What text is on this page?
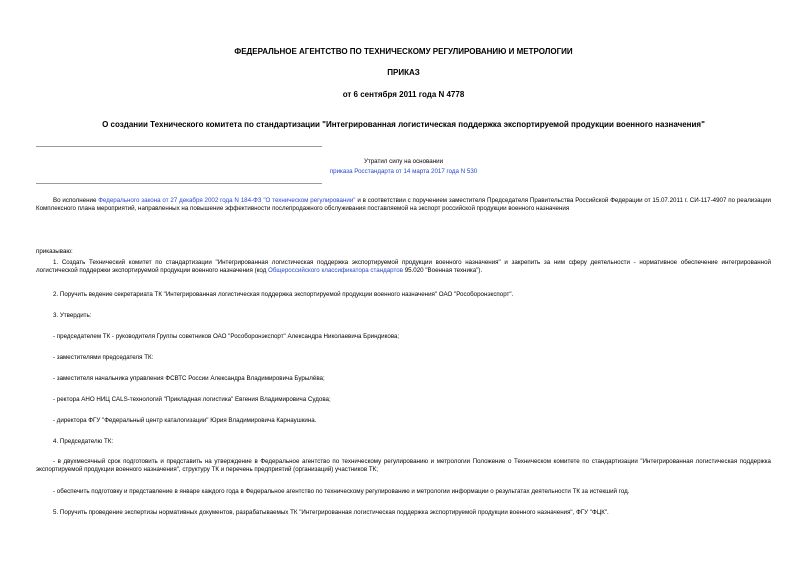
ФЕДЕРАЛЬНОЕ АГЕНТСТВО ПО ТЕХНИЧЕСКОМУ РЕГУЛИРОВАНИЮ И МЕТРОЛОГИИ
ПРИКАЗ
от 6 сентября 2011 года N 4778
О создании Технического комитета по стандартизации "Интегрированная логистическая поддержка экспортируемой продукции военного назначения"
Утратил силу на основании
приказа Росстандарта от 14 марта 2017 года N 530
Во исполнение Федерального закона от 27 декабря 2002 года N 184-ФЗ "О техническом регулировании" и в соответствии с поручением заместителя Председателя Правительства Российской Федерации от 15.07.2011 г. СИ-117-4907 по реализации Комплексного плана мероприятий, направленных на повышение эффективности послепродажного обслуживания поставляемой на экспорт российской продукции военного назначения
приказываю:
1. Создать Технический комитет по стандартизации "Интегрированная логистическая поддержка экспортируемой продукции военного назначения" и закрепить за ним сферу деятельности - нормативное обеспечение интегрированной логистической поддержки экспортируемой продукции военного назначения (код Общероссийского классификатора стандартов 95.020 "Военная техника").
2. Поручить ведение секретариата ТК "Интегрированная логистическая поддержка экспортируемой продукции военного назначения" ОАО "Рособоронэкспорт".
3. Утвердить:
- председателем ТК - руководителя Группы советников ОАО "Рособоронэкспорт" Александра Николаевича Бриндикова;
- заместителями председателя ТК:
- заместителя начальника управления ФСВТС России Александра Владимировича Бурылёва;
- ректора АНО НИЦ CALS-технологий "Прикладная логистика" Евгения Владимировича Судова;
- директора ФГУ "Федеральный центр каталогизации" Юрия Владимировича Карнаушкина.
4. Председателю ТК:
- в двухмесячный срок подготовить и представить на утверждение в Федеральное агентство по техническому регулированию и метрологии Положение о Техническом комитете по стандартизации "Интегрированная логистическая поддержка экспортируемой продукции военного назначения", структуру ТК и перечень предприятий (организаций) участников ТК;
- обеспечить подготовку и представление в январе каждого года в Федеральное агентство по техническому регулированию и метрологии информации о результатах деятельности ТК за истекший год.
5. Поручить проведение экспертизы нормативных документов, разрабатываемых ТК "Интегрированная логистическая поддержка экспортируемой продукции военного назначения", ФГУ "ФЦК".
